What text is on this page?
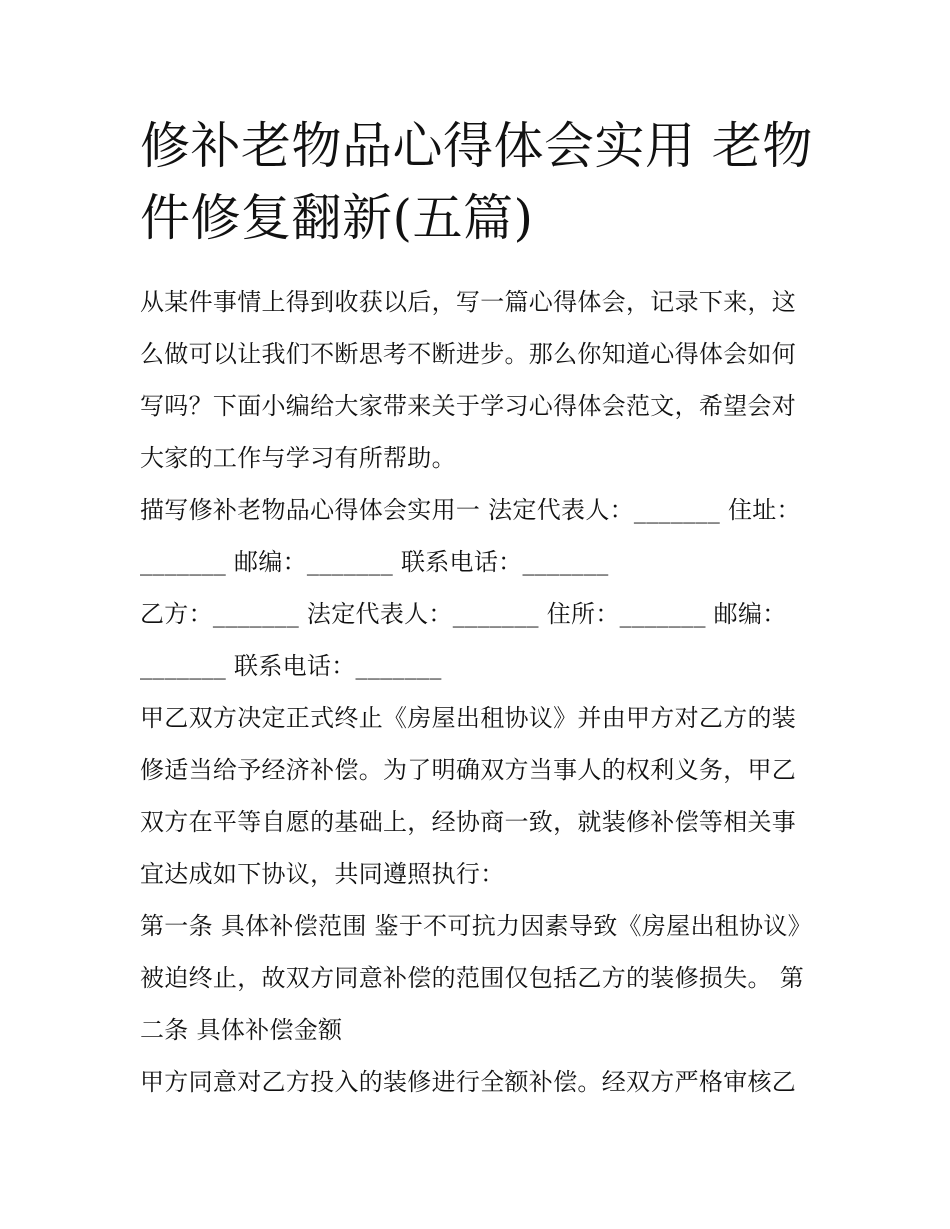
修补老物品心得体会实用 老物件修复翻新(五篇)

从某件事情上得到收获以后，写一篇心得体会，记录下来，这么做可以让我们不断思考不断进步。那么你知道心得体会如何写吗？下面小编给大家带来关于学习心得体会范文，希望会对大家的工作与学习有所帮助。

描写修补老物品心得体会实用一 法定代表人：_______ 住址：_______ 邮编：_______ 联系电话：_______

乙方：_______ 法定代表人：_______ 住所：_______ 邮编：_______ 联系电话：_______

甲乙双方决定正式终止《房屋出租协议》并由甲方对乙方的装修适当给予经济补偿。为了明确双方当事人的权利义务，甲乙双方在平等自愿的基础上，经协商一致，就装修补偿等相关事宜达成如下协议，共同遵照执行：

第一条 具体补偿范围 鉴于不可抗力因素导致《房屋出租协议》被迫终止，故双方同意补偿的范围仅包括乙方的装修损失。 第二条 具体补偿金额

甲方同意对乙方投入的装修进行全额补偿。经双方严格审核乙
